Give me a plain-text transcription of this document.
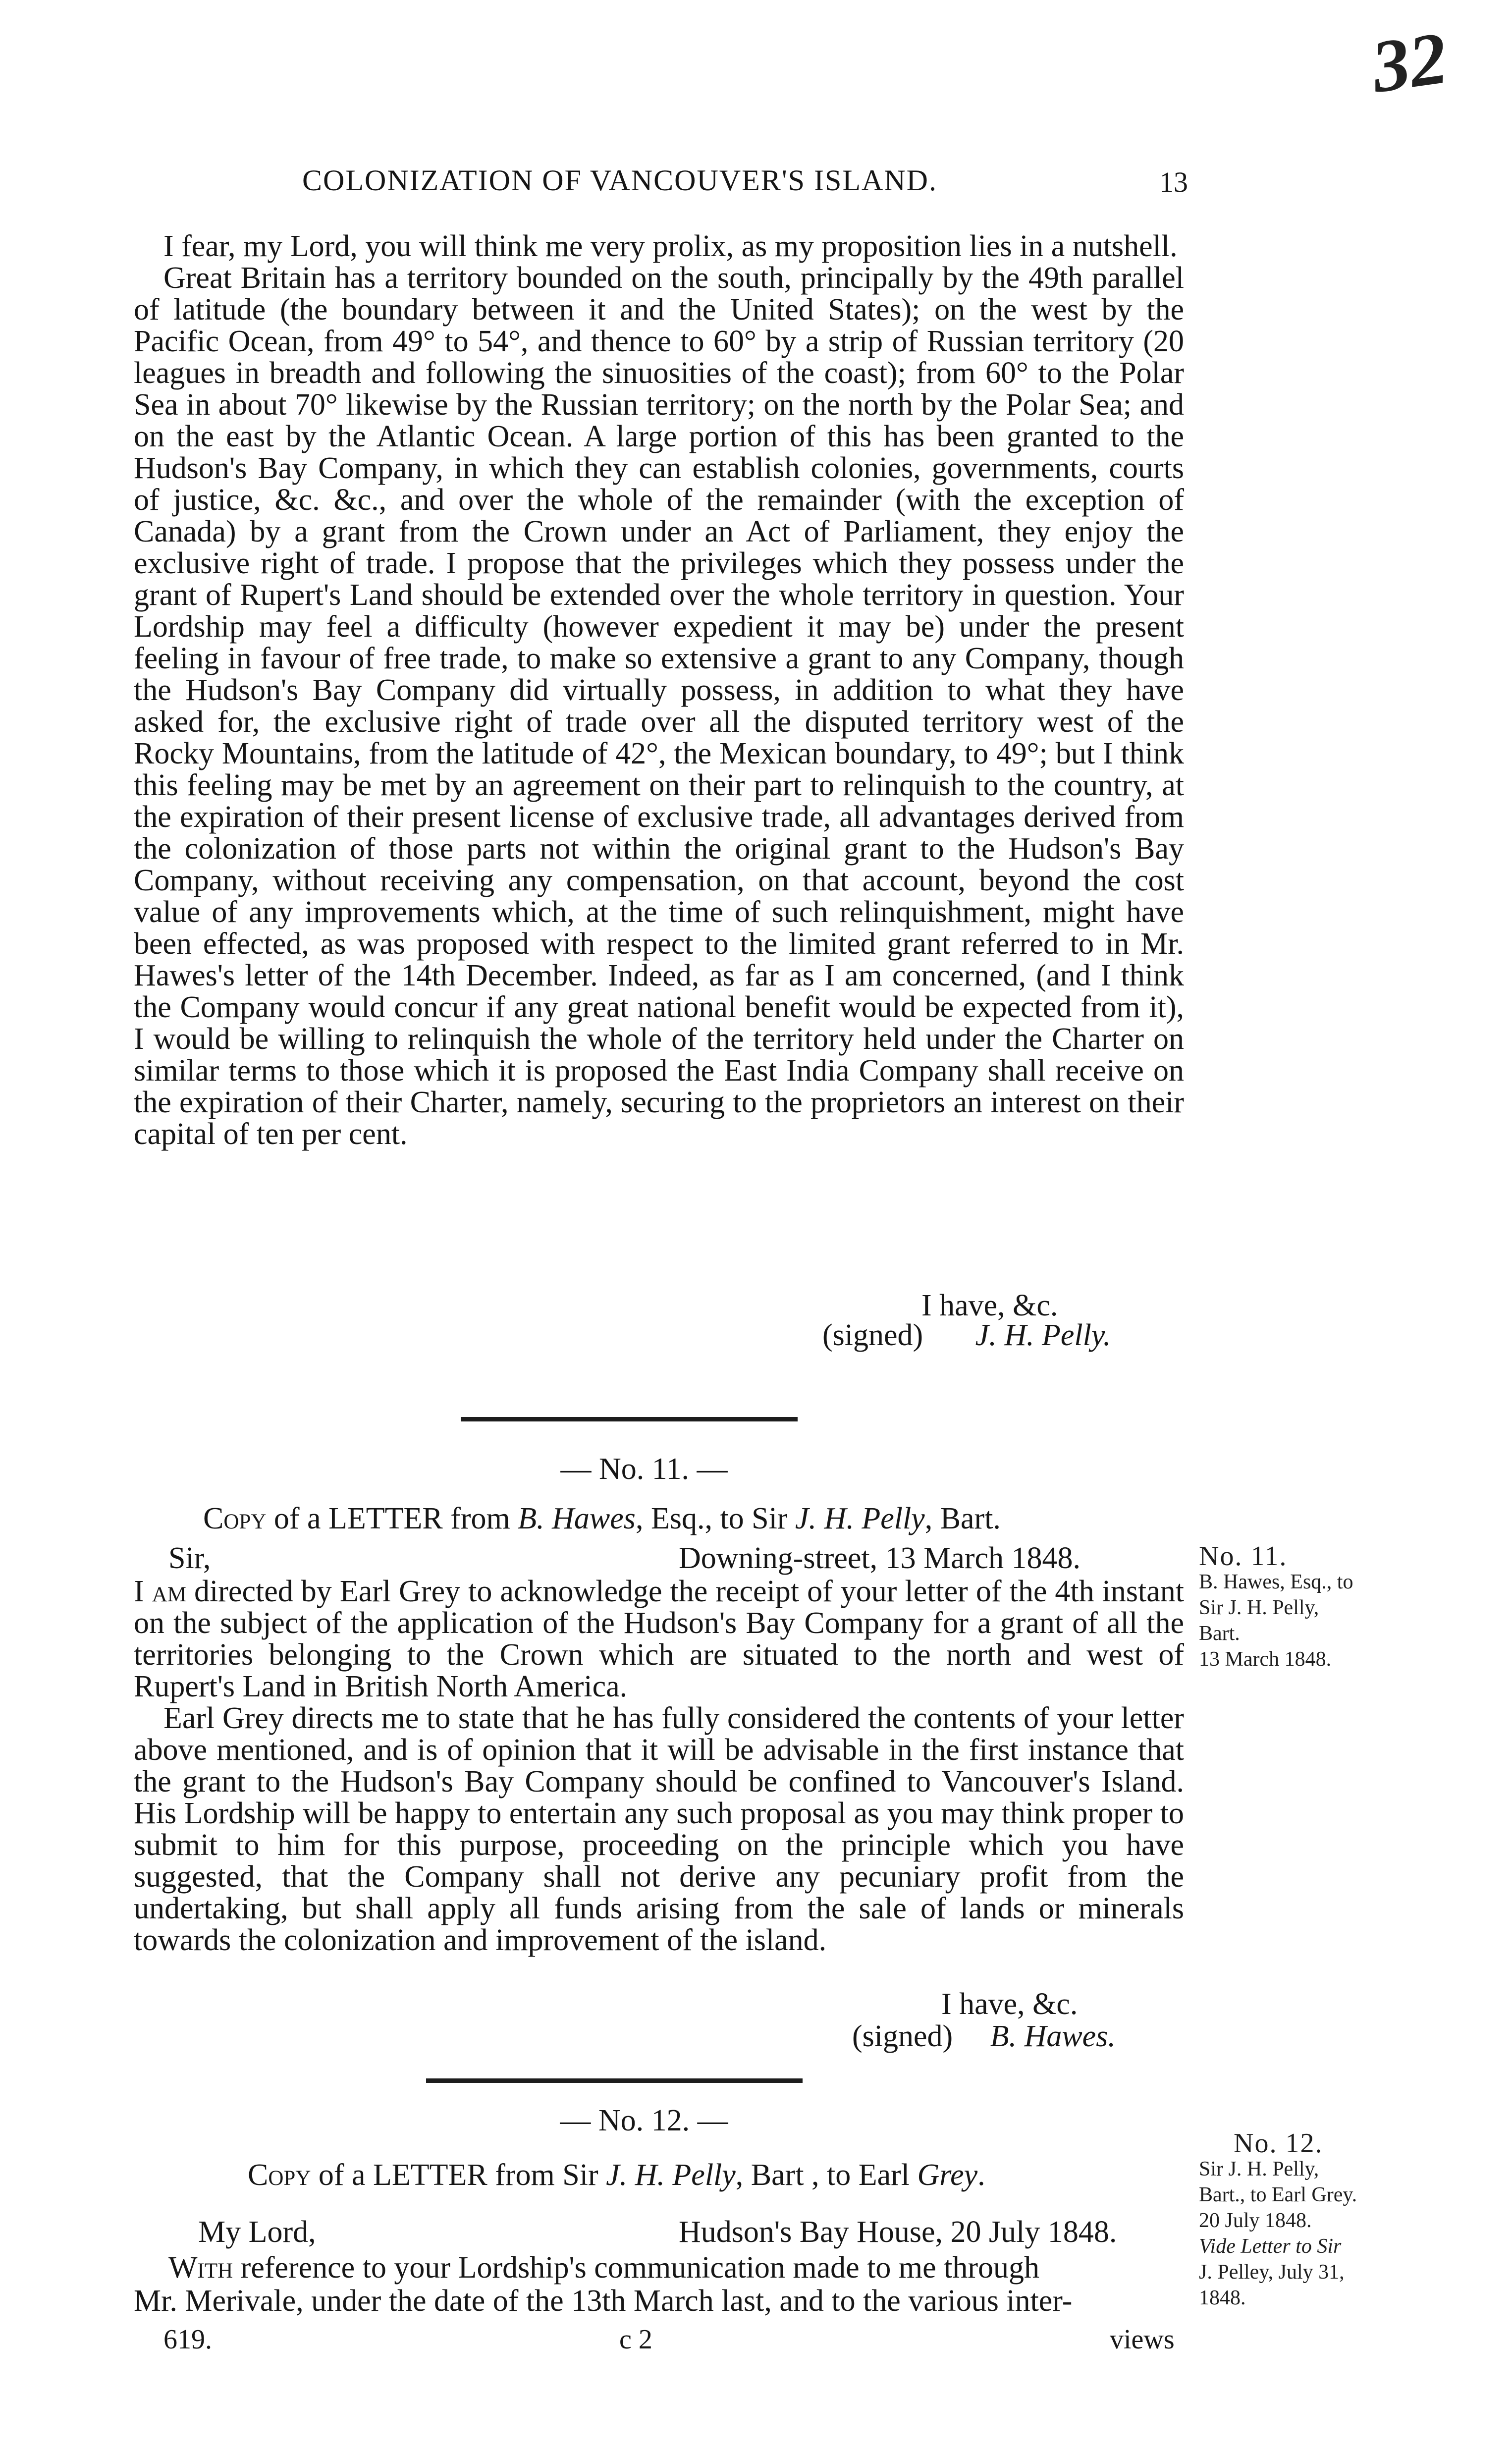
32
COLONIZATION OF VANCOUVER'S ISLAND.	13
I fear, my Lord, you will think me very prolix, as my proposition lies in a nutshell.
Great Britain has a territory bounded on the south, principally by the 49th parallel of latitude (the boundary between it and the United States); on the west by the Pacific Ocean, from 49° to 54°, and thence to 60° by a strip of Russian territory (20 leagues in breadth and following the sinuosities of the coast); from 60° to the Polar Sea in about 70° likewise by the Russian territory; on the north by the Polar Sea; and on the east by the Atlantic Ocean. A large portion of this has been granted to the Hudson's Bay Company, in which they can establish colonies, governments, courts of justice, &c. &c., and over the whole of the remainder (with the exception of Canada) by a grant from the Crown under an Act of Parliament, they enjoy the exclusive right of trade. I propose that the privileges which they possess under the grant of Rupert's Land should be extended over the whole territory in question. Your Lordship may feel a difficulty (however expedient it may be) under the present feeling in favour of free trade, to make so extensive a grant to any Company, though the Hudson's Bay Company did virtually possess, in addition to what they have asked for, the exclusive right of trade over all the disputed territory west of the Rocky Mountains, from the latitude of 42°, the Mexican boundary, to 49°; but I think this feeling may be met by an agreement on their part to relinquish to the country, at the expiration of their present license of exclusive trade, all advantages derived from the colonization of those parts not within the original grant to the Hudson's Bay Company, without receiving any compensation, on that account, beyond the cost value of any improvements which, at the time of such relinquishment, might have been effected, as was proposed with respect to the limited grant referred to in Mr. Hawes's letter of the 14th December. Indeed, as far as I am concerned, (and I think the Company would concur if any great national benefit would be expected from it), I would be willing to relinquish the whole of the territory held under the Charter on similar terms to those which it is proposed the East India Company shall receive on the expiration of their Charter, namely, securing to the proprietors an interest on their capital of ten per cent.
I have, &c.
(signed) J. H. Pelly.
— No. 11. —
Copy of a LETTER from B. Hawes, Esq., to Sir J. H. Pelly, Bart.
Sir,	Downing-street, 13 March 1848.
I am directed by Earl Grey to acknowledge the receipt of your letter of the 4th instant on the subject of the application of the Hudson's Bay Company for a grant of all the territories belonging to the Crown which are situated to the north and west of Rupert's Land in British North America.
Earl Grey directs me to state that he has fully considered the contents of your letter above mentioned, and is of opinion that it will be advisable in the first instance that the grant to the Hudson's Bay Company should be confined to Vancouver's Island. His Lordship will be happy to entertain any such proposal as you may think proper to submit to him for this purpose, proceeding on the principle which you have suggested, that the Company shall not derive any pecuniary profit from the undertaking, but shall apply all funds arising from the sale of lands or minerals towards the colonization and improvement of the island.
No. 11.
B. Hawes, Esq., to
Sir J. H. Pelly,
Bart.
13 March 1848.
I have, &c.
(signed) B. Hawes.
— No. 12. —
Copy of a LETTER from Sir J. H. Pelly, Bart , to Earl Grey.
My Lord,	Hudson's Bay House, 20 July 1848.
With reference to your Lordship's communication made to me through
Mr. Merivale, under the date of the 13th March last, and to the various inter-
No. 12.
Sir J. H. Pelly,
Bart., to Earl Grey.
20 July 1848.
Vide Letter to Sir
J. Pelley, July 31,
1848.
619.	c 2	views
